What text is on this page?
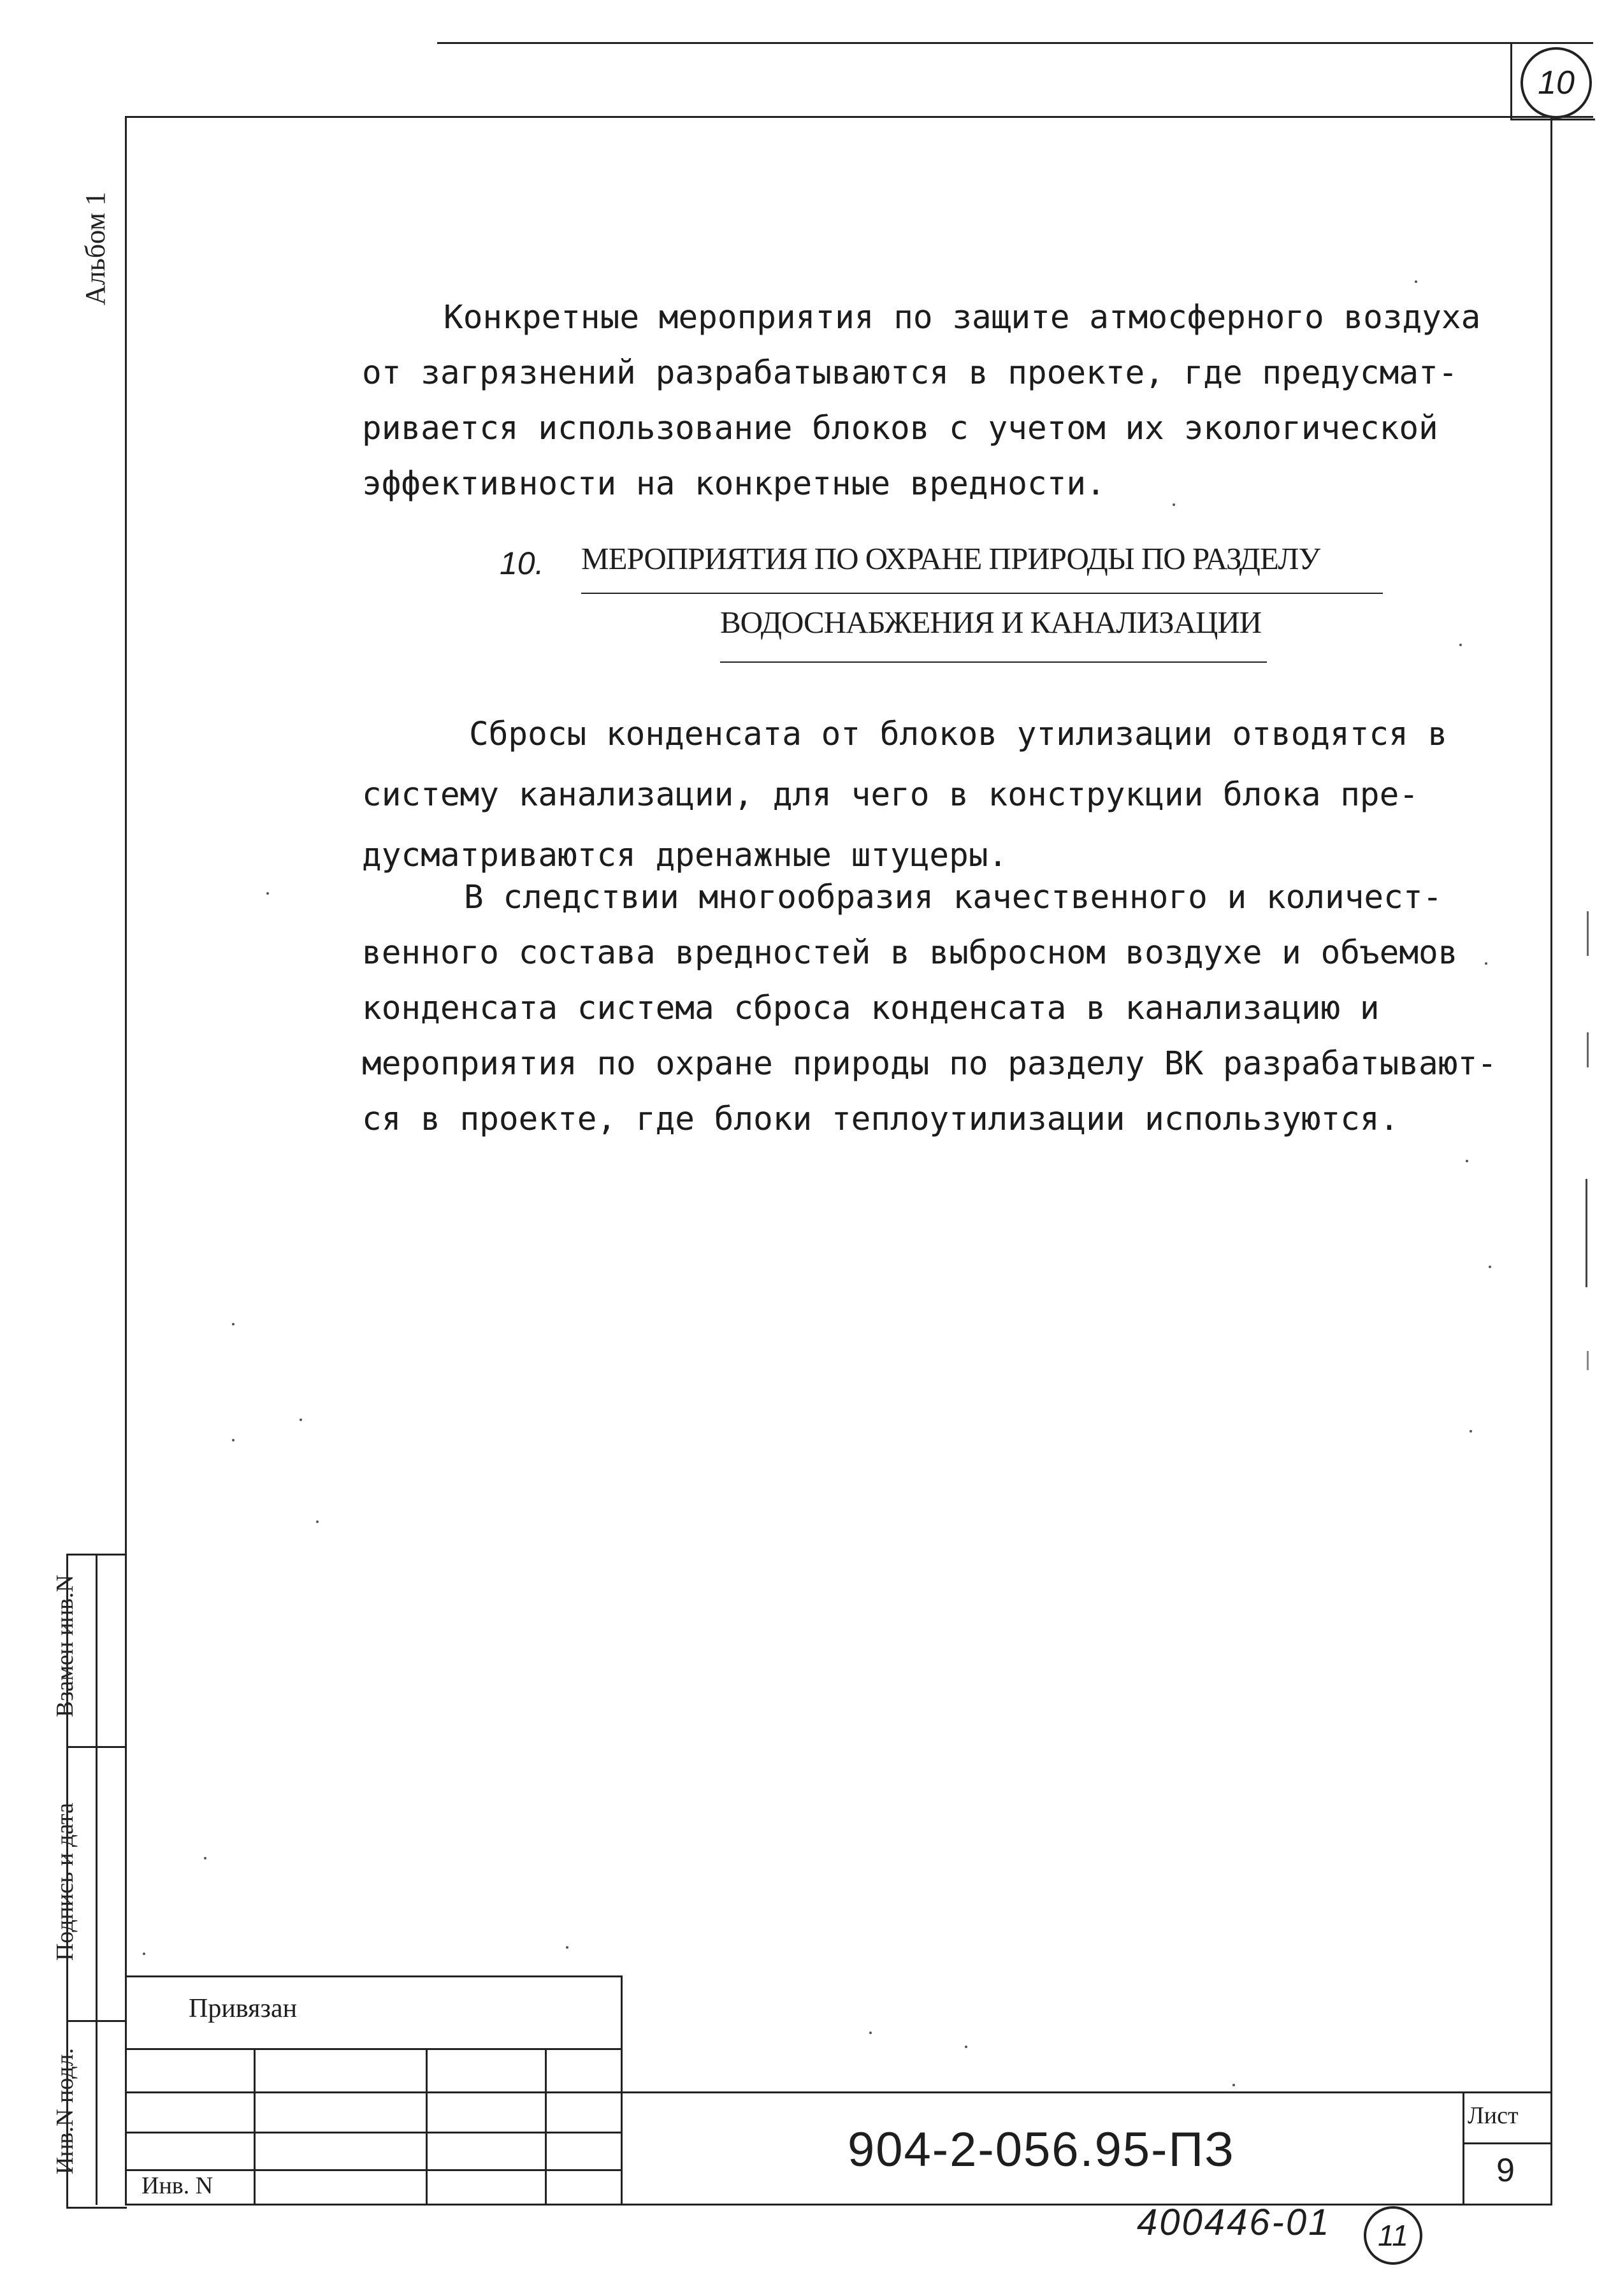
10
Альбом 1
Конкретные мероприятия по защите атмосферного воздуха
от загрязнений разрабатываются в проекте, где предусмат-
ривается использование блоков с учетом их экологической
эффективности на конкретные вредности.
10. МЕРОПРИЯТИЯ ПО ОХРАНЕ ПРИРОДЫ ПО РАЗДЕЛУ
ВОДОСНАБЖЕНИЯ И КАНАЛИЗАЦИИ
Сбросы конденсата от блоков утилизации отводятся в
систему канализации, для чего в конструкции блока пре-
дусматриваются дренажные штуцеры.
В следствии многообразия качественного и количест-
венного состава вредностей в выбросном воздухе и объемов
конденсата система сброса конденсата в канализацию и
мероприятия по охране природы по разделу ВК разрабатывают-
ся в проекте, где блоки теплоутилизации используются.
Взамен инв.N
Подпись и дата
Инв.N подл.
Привязан
Инв. N
904-2-056.95-ПЗ
Лист
9
400446-01 11
